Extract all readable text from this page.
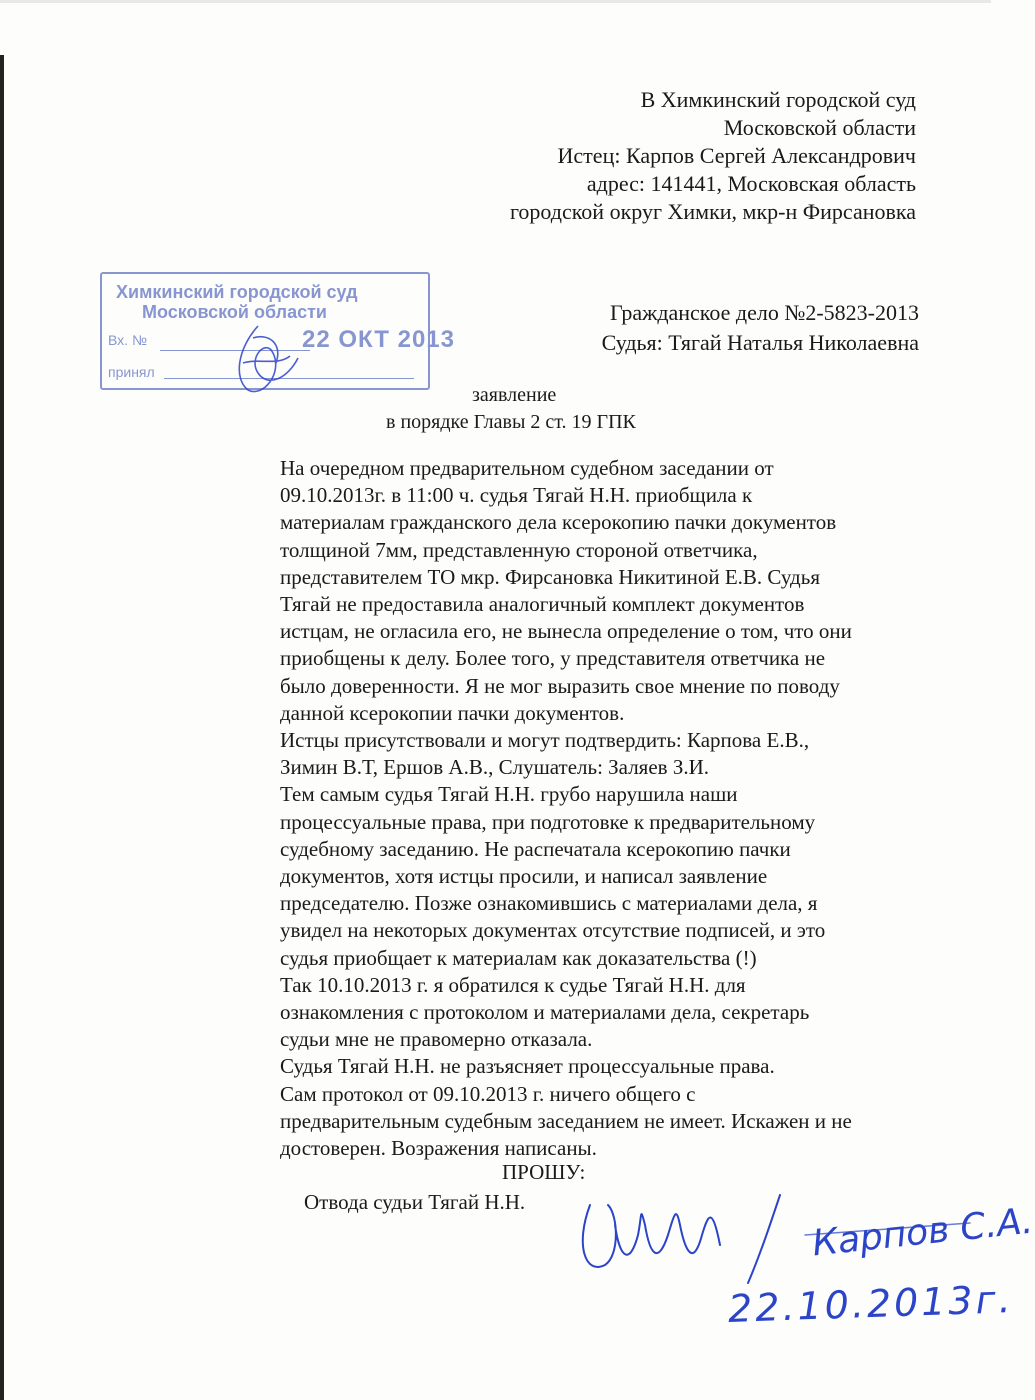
В Химкинский городской суд
Московской области
Истец: Карпов Сергей Александрович
адрес: 141441, Московская область
городской округ Химки, мкр-н Фирсановка
Химкинский городской суд
Московской области
Вх. №	22 ОКТ 2013
принял
Гражданское дело №2-5823-2013
Судья: Тягай Наталья Николаевна
заявление
в порядке Главы 2 ст. 19 ГПК

На очередном предварительном судебном заседании от

09.10.2013г. в 11:00 ч. судья Тягай Н.Н. приобщила к

материалам гражданского дела ксерокопию пачки документов

толщиной 7мм, представленную стороной ответчика,

представителем ТО мкр. Фирсановка Никитиной Е.В. Судья

Тягай не предоставила аналогичный комплект документов

истцам, не огласила его, не вынесла определение о том, что они

приобщены к делу. Более того, у представителя ответчика не

было доверенности. Я не мог выразить свое мнение по поводу

данной ксерокопии пачки документов.

Истцы присутствовали и могут подтвердить: Карпова Е.В.,

Зимин В.Т, Ершов А.В., Слушатель: Заляев З.И.

Тем самым судья Тягай Н.Н. грубо нарушила наши

процессуальные права, при подготовке к предварительному

судебному заседанию. Не распечатала ксерокопию пачки

документов, хотя истцы просили, и написал заявление

председателю. Позже ознакомившись с материалами дела, я

увидел на некоторых документах отсутствие подписей, и это

судья приобщает к материалам как доказательства (!)

Так 10.10.2013 г. я обратился к судье Тягай Н.Н. для

ознакомления с протоколом и материалами дела, секретарь

судьи мне не правомерно отказала.

Судья Тягай Н.Н. не разъясняет процессуальные права.

Сам протокол от 09.10.2013 г. ничего общего с

предварительным судебным заседанием не имеет. Искажен и не

достоверен. Возражения написаны.

ПРОШУ:
Отвода судьи Тягай Н.Н.	Карпов С.А.
22.10.2013г.
